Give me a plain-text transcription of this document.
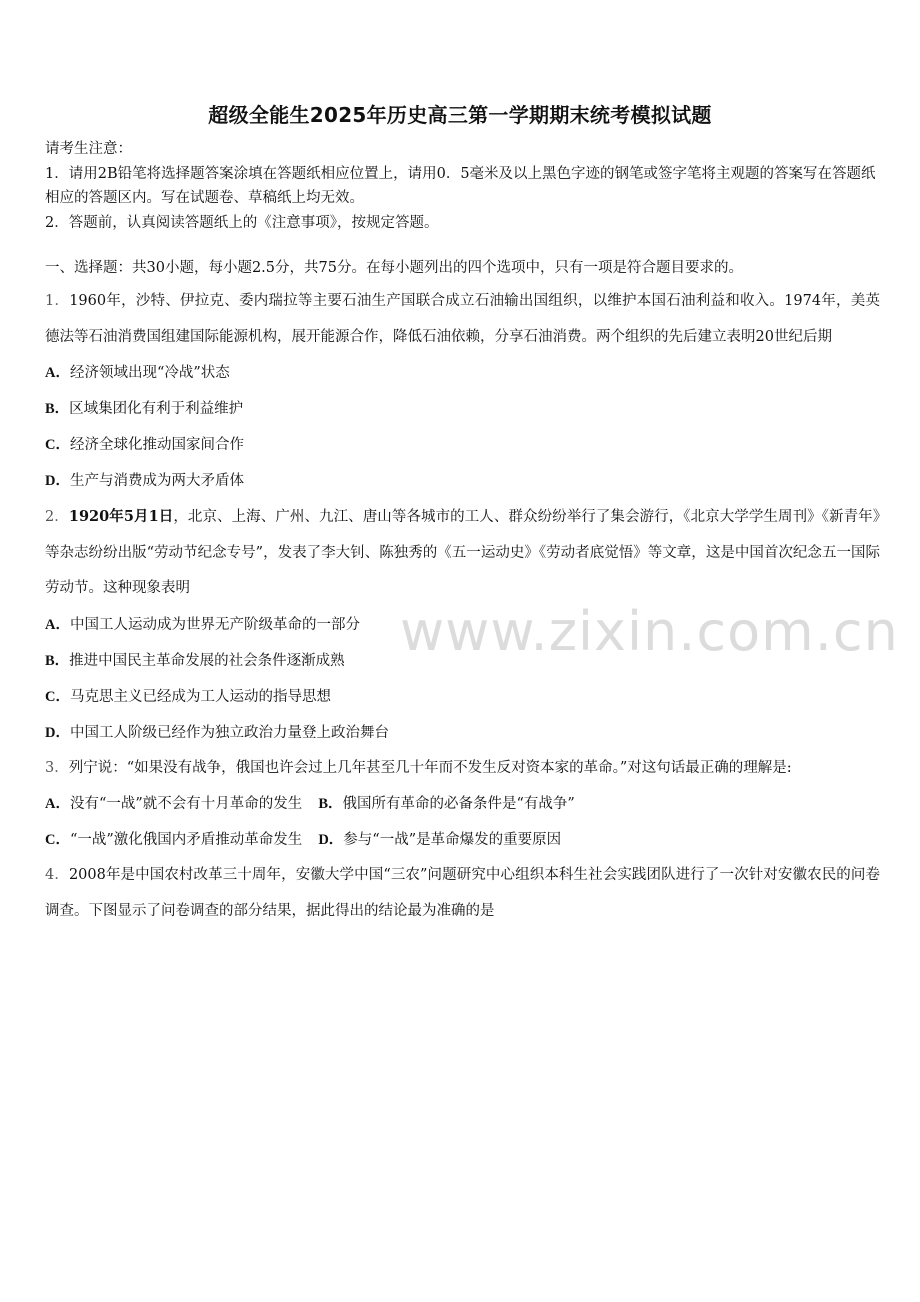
超级全能生2025年历史高三第一学期期末统考模拟试题

请考生注意：

1．请用2B铅笔将选择题答案涂填在答题纸相应位置上，请用0．5毫米及以上黑色字迹的钢笔或签字笔将主观题的答案写在答题纸相应的答题区内。写在试题卷、草稿纸上均无效。

2．答题前，认真阅读答题纸上的《注意事项》，按规定答题。

一、选择题：共30小题，每小题2.5分，共75分。在每小题列出的四个选项中，只有一项是符合题目要求的。

1．1960年，沙特、伊拉克、委内瑞拉等主要石油生产国联合成立石油输出国组织，以维护本国石油利益和收入。1974年，美英德法等石油消费国组建国际能源机构，展开能源合作，降低石油依赖，分享石油消费。两个组织的先后建立表明20世纪后期

A．经济领域出现“冷战”状态

B．区域集团化有利于利益维护

C．经济全球化推动国家间合作

D．生产与消费成为两大矛盾体

2．1920年5月1日，北京、上海、广州、九江、唐山等各城市的工人、群众纷纷举行了集会游行，《北京大学学生周刊》《新青年》等杂志纷纷出版“劳动节纪念专号”，发表了李大钊、陈独秀的《五一运动史》《劳动者底觉悟》等文章，这是中国首次纪念五一国际劳动节。这种现象表明

A．中国工人运动成为世界无产阶级革命的一部分

B．推进中国民主革命发展的社会条件逐渐成熟

C．马克思主义已经成为工人运动的指导思想

D．中国工人阶级已经作为独立政治力量登上政治舞台

3．列宁说：“如果没有战争，俄国也许会过上几年甚至几十年而不发生反对资本家的革命。”对这句话最正确的理解是:

A．没有“一战”就不会有十月革命的发生 B．俄国所有革命的必备条件是“有战争”

C．“一战”激化俄国内矛盾推动革命发生 D．参与“一战”是革命爆发的重要原因

4．2008年是中国农村改革三十周年，安徽大学中国“三农”问题研究中心组织本科生社会实践团队进行了一次针对安徽农民的问卷调查。下图显示了问卷调查的部分结果，据此得出的结论最为准确的是

www.zixin.com.cn
